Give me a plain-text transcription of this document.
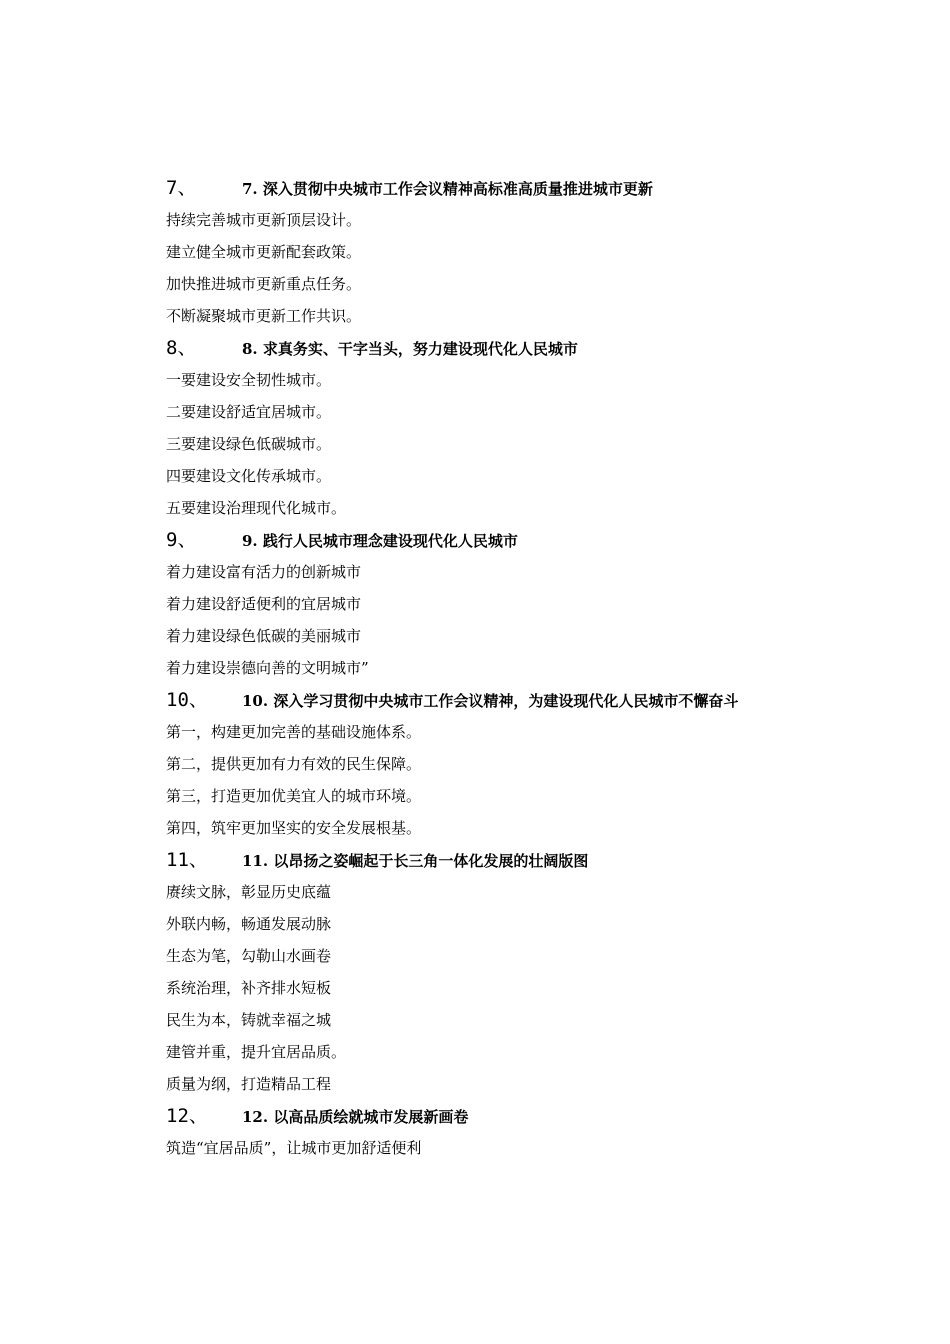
7、	7. 深入贯彻中央城市工作会议精神高标准高质量推进城市更新
持续完善城市更新顶层设计。
建立健全城市更新配套政策。
加快推进城市更新重点任务。
不断凝聚城市更新工作共识。
8、	8. 求真务实、干字当头，努力建设现代化人民城市
一要建设安全韧性城市。
二要建设舒适宜居城市。
三要建设绿色低碳城市。
四要建设文化传承城市。
五要建设治理现代化城市。
9、	9. 践行人民城市理念建设现代化人民城市
着力建设富有活力的创新城市
着力建设舒适便利的宜居城市
着力建设绿色低碳的美丽城市
着力建设崇德向善的文明城市”
10、	10. 深入学习贯彻中央城市工作会议精神，为建设现代化人民城市不懈奋斗
第一，构建更加完善的基础设施体系。
第二，提供更加有力有效的民生保障。
第三，打造更加优美宜人的城市环境。
第四，筑牢更加坚实的安全发展根基。
11、	11. 以昂扬之姿崛起于长三角一体化发展的壮阔版图
赓续文脉，彰显历史底蕴
外联内畅，畅通发展动脉
生态为笔，勾勒山水画卷
系统治理，补齐排水短板
民生为本，铸就幸福之城
建管并重，提升宜居品质。
质量为纲，打造精品工程
12、	12. 以高品质绘就城市发展新画卷
筑造“宜居品质”，让城市更加舒适便利
